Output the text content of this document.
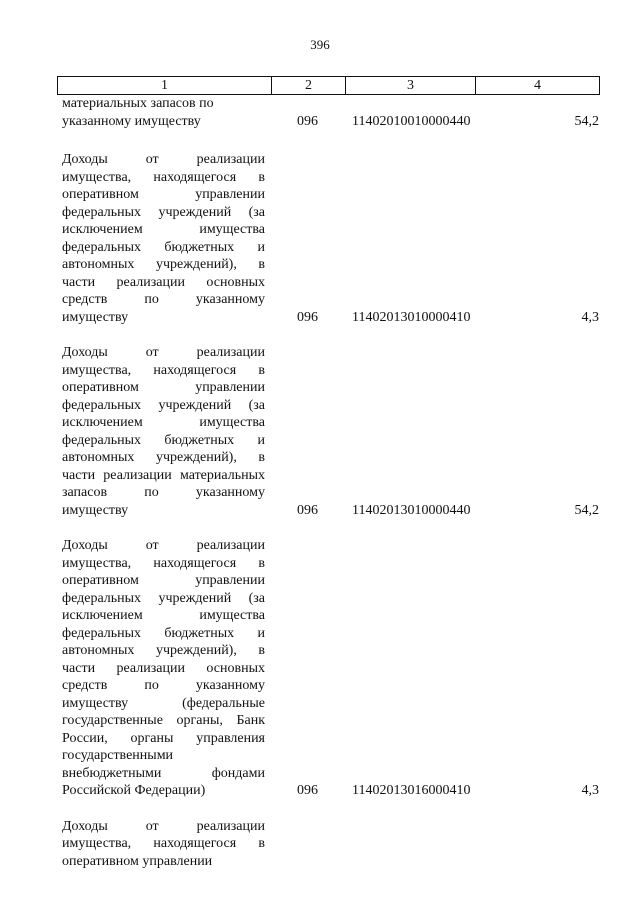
396
1	2	3	4
материальных запасов по
указанному имуществу	096 11402010010000440	54,2
Доходы от реализации имущества, находящегося в оперативном управлении федеральных учреждений (за исключением имущества федеральных бюджетных и автономных учреждений), в части реализации основных средств по указанному имуществу	096 11402013010000410	4,3
Доходы от реализации имущества, находящегося в оперативном управлении федеральных учреждений (за исключением имущества федеральных бюджетных и автономных учреждений), в части реализации материальных запасов по указанному имуществу	096 11402013010000440	54,2
Доходы от реализации имущества, находящегося в оперативном управлении федеральных учреждений (за исключением имущества федеральных бюджетных и автономных учреждений), в части реализации основных средств по указанному имуществу (федеральные государственные органы, Банк России, органы управления государственными внебюджетными фондами Российской Федерации)	096 11402013016000410	4,3
Доходы от реализации имущества, находящегося в оперативном управлении
